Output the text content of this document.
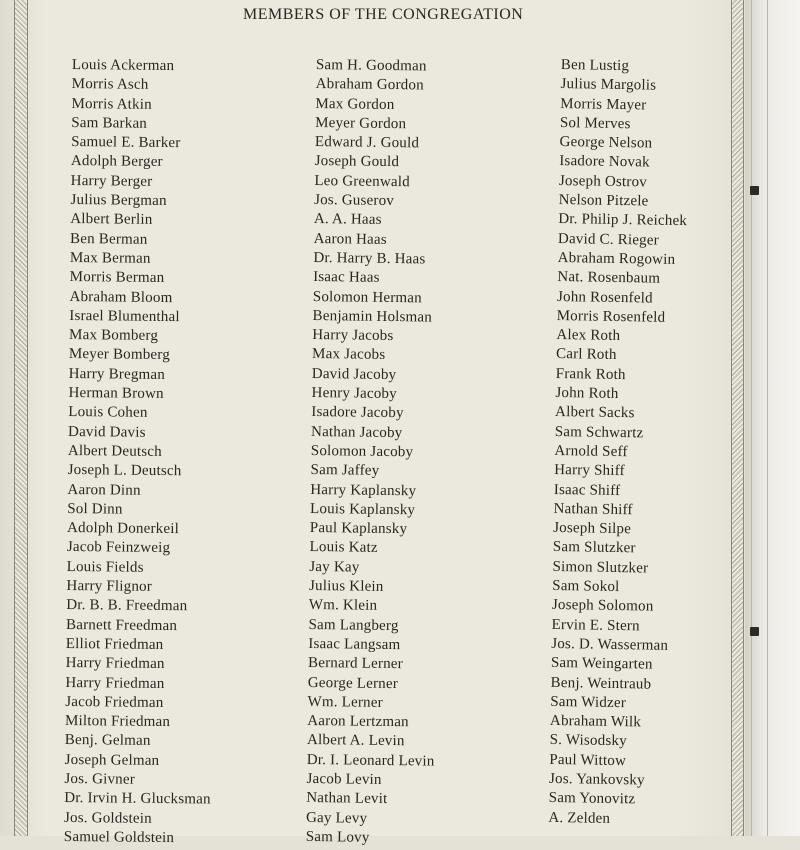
MEMBERS OF THE CONGREGATION
Louis Ackerman
Morris Asch
Morris Atkin
Sam Barkan
Samuel E. Barker
Adolph Berger
Harry Berger
Julius Bergman
Albert Berlin
Ben Berman
Max Berman
Morris Berman
Abraham Bloom
Israel Blumenthal
Max Bomberg
Meyer Bomberg
Harry Bregman
Herman Brown
Louis Cohen
David Davis
Albert Deutsch
Joseph L. Deutsch
Aaron Dinn
Sol Dinn
Adolph Donerkeil
Jacob Feinzweig
Louis Fields
Harry Flignor
Dr. B. B. Freedman
Barnett Freedman
Elliot Friedman
Harry Friedman
Harry Friedman
Jacob Friedman
Milton Friedman
Benj. Gelman
Joseph Gelman
Jos. Givner
Dr. Irvin H. Glucksman
Jos. Goldstein
Samuel Goldstein
Sam H. Goodman
Abraham Gordon
Max Gordon
Meyer Gordon
Edward J. Gould
Joseph Gould
Leo Greenwald
Jos. Guserov
A. A. Haas
Aaron Haas
Dr. Harry B. Haas
Isaac Haas
Solomon Herman
Benjamin Holsman
Harry Jacobs
Max Jacobs
David Jacoby
Henry Jacoby
Isadore Jacoby
Nathan Jacoby
Solomon Jacoby
Sam Jaffey
Harry Kaplansky
Louis Kaplansky
Paul Kaplansky
Louis Katz
Jay Kay
Julius Klein
Wm. Klein
Sam Langberg
Isaac Langsam
Bernard Lerner
George Lerner
Wm. Lerner
Aaron Lertzman
Albert A. Levin
Dr. I. Leonard Levin
Jacob Levin
Nathan Levit
Gay Levy
Sam Lovy
Ben Lustig
Julius Margolis
Morris Mayer
Sol Merves
George Nelson
Isadore Novak
Joseph Ostrov
Nelson Pitzele
Dr. Philip J. Reichek
David C. Rieger
Abraham Rogowin
Nat. Rosenbaum
John Rosenfeld
Morris Rosenfeld
Alex Roth
Carl Roth
Frank Roth
John Roth
Albert Sacks
Sam Schwartz
Arnold Seff
Harry Shiff
Isaac Shiff
Nathan Shiff
Joseph Silpe
Sam Slutzker
Simon Slutzker
Sam Sokol
Joseph Solomon
Ervin E. Stern
Jos. D. Wasserman
Sam Weingarten
Benj. Weintraub
Sam Widzer
Abraham Wilk
S. Wisodsky
Paul Wittow
Jos. Yankovsky
Sam Yonovitz
A. Zelden
